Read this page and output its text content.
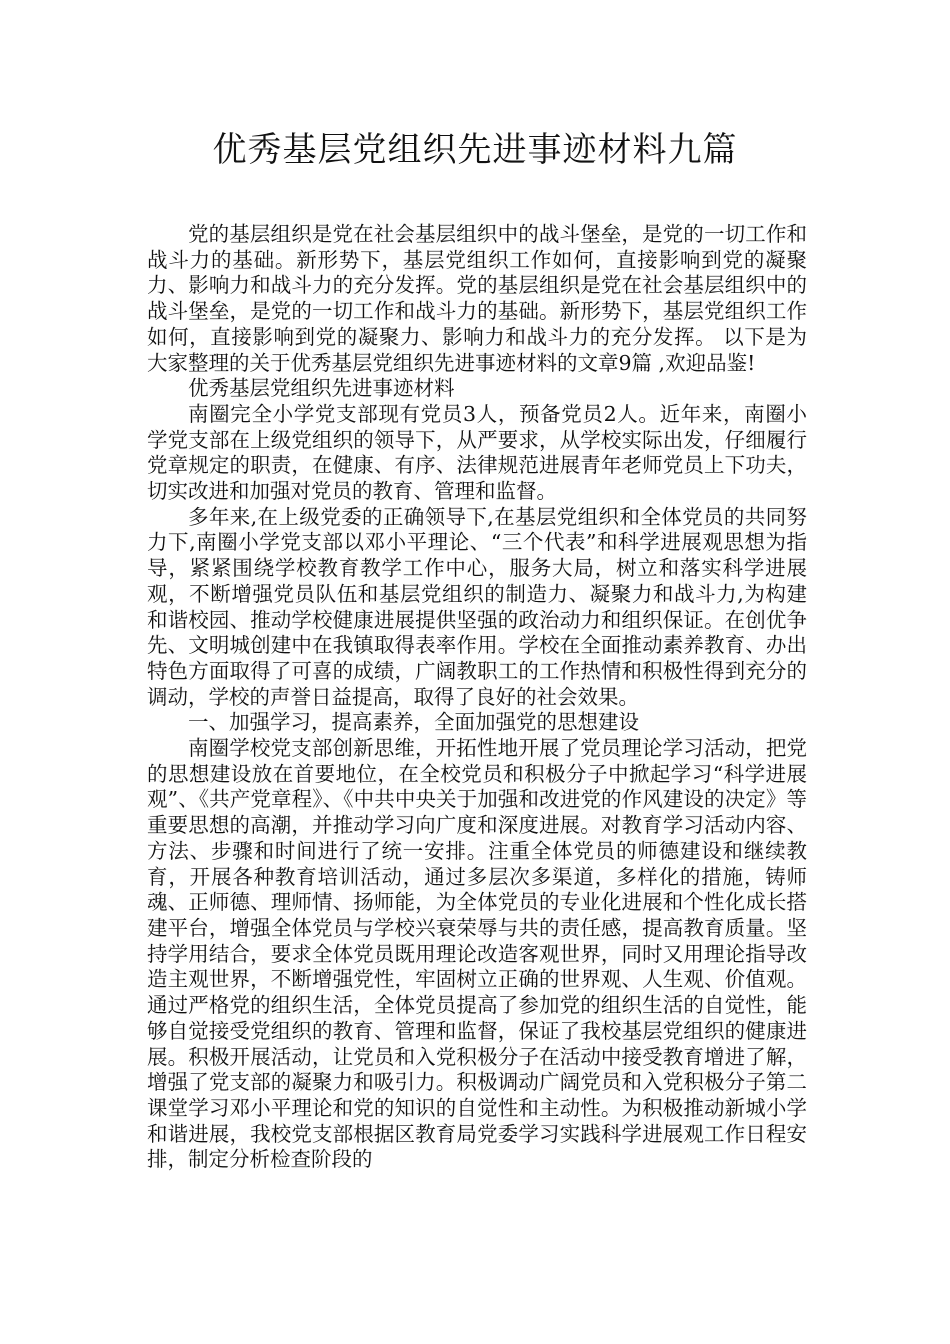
优秀基层党组织先进事迹材料九篇

党的基层组织是党在社会基层组织中的战斗堡垒，是党的一切工作和战斗力的基础。新形势下，基层党组织工作如何，直接影响到党的凝聚力、影响力和战斗力的充分发挥。党的基层组织是党在社会基层组织中的战斗堡垒，是党的一切工作和战斗力的基础。新形势下，基层党组织工作如何，直接影响到党的凝聚力、影响力和战斗力的充分发挥。 以下是为大家整理的关于优秀基层党组织先进事迹材料的文章9篇 ,欢迎品鉴!

优秀基层党组织先进事迹材料

南圈完全小学党支部现有党员3人，预备党员2人。近年来，南圈小学党支部在上级党组织的领导下，从严要求，从学校实际出发，仔细履行党章规定的职责，在健康、有序、法律规范进展青年老师党员上下功夫，切实改进和加强对党员的教育、管理和监督。

多年来,在上级党委的正确领导下,在基层党组织和全体党员的共同努力下,南圈小学党支部以邓小平理论、“三个代表”和科学进展观思想为指导，紧紧围绕学校教育教学工作中心，服务大局，树立和落实科学进展观，不断增强党员队伍和基层党组织的制造力、凝聚力和战斗力,为构建和谐校园、推动学校健康进展提供坚强的政治动力和组织保证。在创优争先、文明城创建中在我镇取得表率作用。学校在全面推动素养教育、办出特色方面取得了可喜的成绩，广阔教职工的工作热情和积极性得到充分的调动，学校的声誉日益提高，取得了良好的社会效果。

一、加强学习，提高素养，全面加强党的思想建设

南圈学校党支部创新思维，开拓性地开展了党员理论学习活动，把党的思想建设放在首要地位，在全校党员和积极分子中掀起学习“科学进展观”、《共产党章程》、《中共中央关于加强和改进党的作风建设的决定》等重要思想的高潮，并推动学习向广度和深度进展。对教育学习活动内容、方法、步骤和时间进行了统一安排。注重全体党员的师德建设和继续教育，开展各种教育培训活动，通过多层次多渠道，多样化的措施，铸师魂、正师德、理师情、扬师能，为全体党员的专业化进展和个性化成长搭建平台，增强全体党员与学校兴衰荣辱与共的责任感，提高教育质量。坚持学用结合，要求全体党员既用理论改造客观世界，同时又用理论指导改造主观世界，不断增强党性，牢固树立正确的世界观、人生观、价值观。通过严格党的组织生活，全体党员提高了参加党的组织生活的自觉性，能够自觉接受党组织的教育、管理和监督，保证了我校基层党组织的健康进展。积极开展活动，让党员和入党积极分子在活动中接受教育增进了解，增强了党支部的凝聚力和吸引力。积极调动广阔党员和入党积极分子第二课堂学习邓小平理论和党的知识的自觉性和主动性。为积极推动新城小学和谐进展，我校党支部根据区教育局党委学习实践科学进展观工作日程安排，制定分析检查阶段的
